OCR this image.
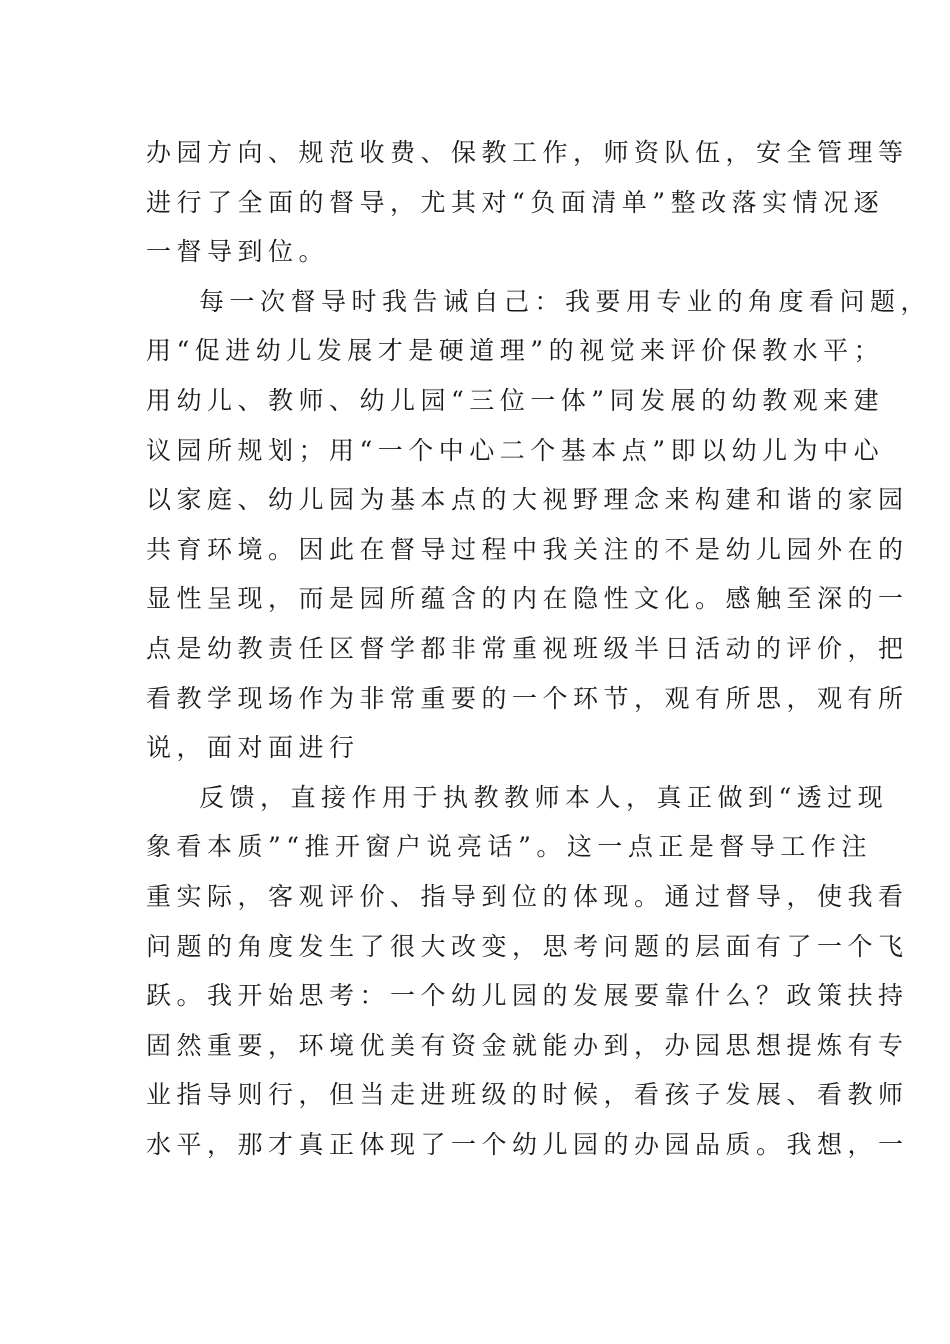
办园方向、规范收费、保教工作，师资队伍，安全管理等
进行了全面的督导，尤其对“负面清单”整改落实情况逐
一督导到位。
每一次督导时我告诫自己：我要用专业的角度看问题，
用“促进幼儿发展才是硬道理”的视觉来评价保教水平；
用幼儿、教师、幼儿园“三位一体”同发展的幼教观来建
议园所规划；用“一个中心二个基本点”即以幼儿为中心
以家庭、幼儿园为基本点的大视野理念来构建和谐的家园
共育环境。因此在督导过程中我关注的不是幼儿园外在的
显性呈现，而是园所蕴含的内在隐性文化。感触至深的一
点是幼教责任区督学都非常重视班级半日活动的评价，把
看教学现场作为非常重要的一个环节，观有所思，观有所
说，面对面进行
反馈，直接作用于执教教师本人，真正做到“透过现
象看本质”“推开窗户说亮话”。这一点正是督导工作注
重实际，客观评价、指导到位的体现。通过督导，使我看
问题的角度发生了很大改变，思考问题的层面有了一个飞
跃。我开始思考：一个幼儿园的发展要靠什么？政策扶持
固然重要，环境优美有资金就能办到，办园思想提炼有专
业指导则行，但当走进班级的时候，看孩子发展、看教师
水平，那才真正体现了一个幼儿园的办园品质。我想，一
